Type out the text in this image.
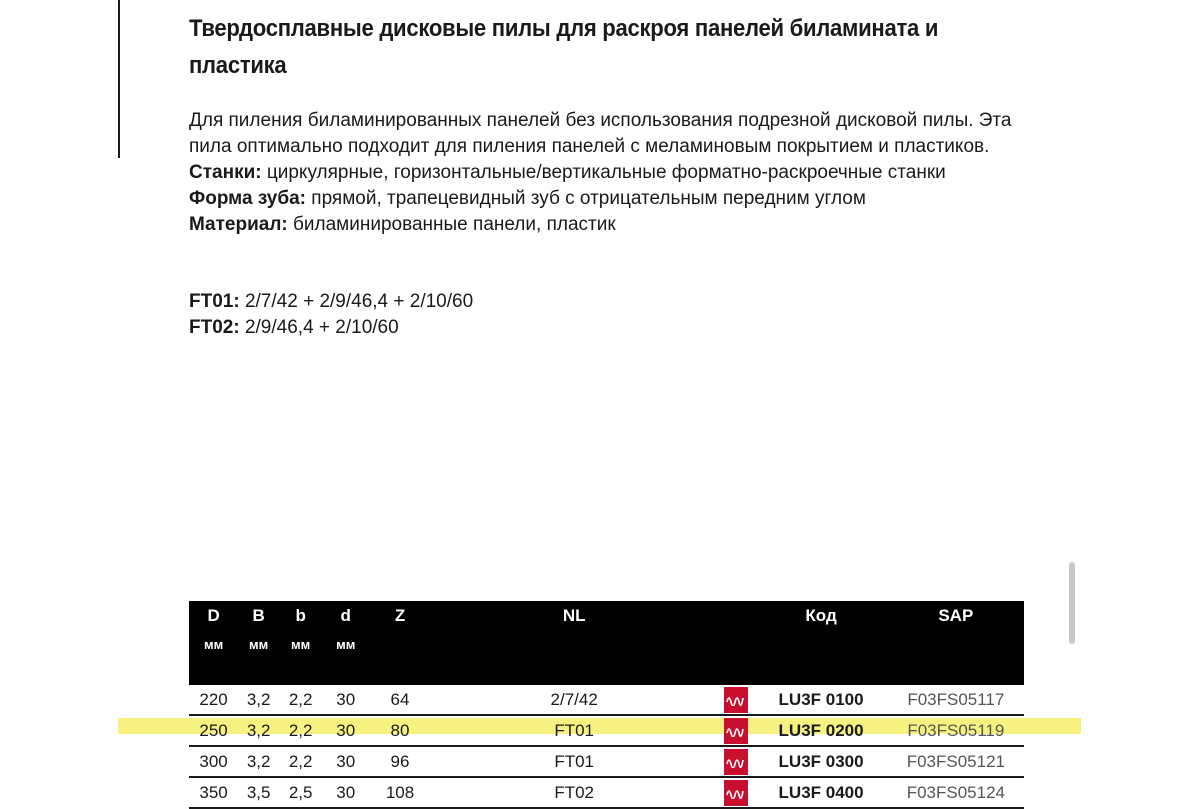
Твердосплавные дисковые пилы для раскроя панелей биламината и пластика

Для пиления биламинированных панелей без использования подрезной дисковой пилы. Эта пила оптимально подходит для пиления панелей с меламиновым покрытием и пластиков.

Станки: циркулярные, горизонтальные/вертикальные форматно-раскроечные станки

Форма зуба: прямой, трапецевидный зуб с отрицательным передним углом

Материал: биламинированные панели, пластик

FT01: 2/7/42 + 2/9/46,4 + 2/10/60

FT02: 2/9/46,4 + 2/10/60

D	B	b	d	Z	NL		Код	SAP
мм	мм	мм	мм					
220	3,2	2,2	30	64	2/7/42		LU3F 0100	F03FS05117
250	3,2	2,2	30	80	FT01		LU3F 0200	F03FS05119
300	3,2	2,2	30	96	FT01		LU3F 0300	F03FS05121
350	3,5	2,5	30	108	FT02		LU3F 0400	F03FS05124
